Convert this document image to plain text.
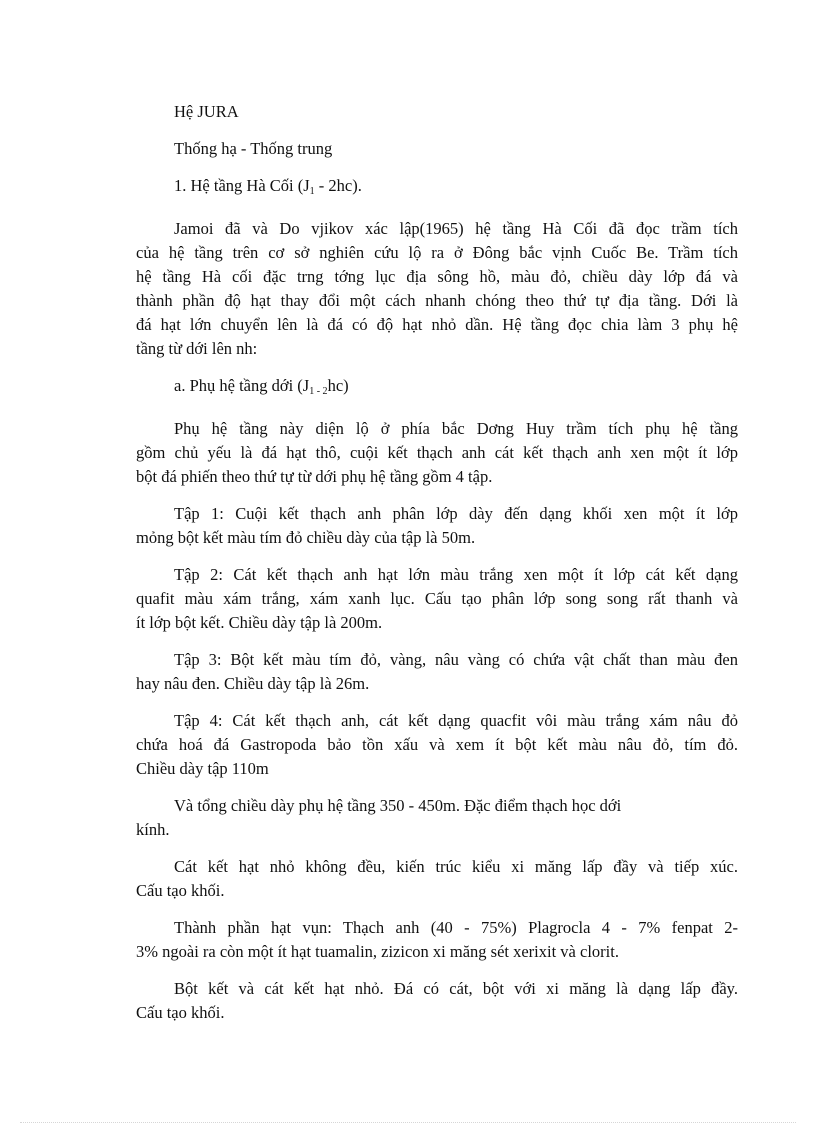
Hệ JURA

Thống hạ - Thống trung

1. Hệ tầng Hà Cối $(J_1 - 2hc)$.

Jamoi đã và Do vjikov xác lập(1965) hệ tầng Hà Cối đã đọc trầm tích

của hệ tầng trên cơ sở nghiên cứu lộ ra ở Đông bắc vịnh Cuốc Be. Trầm tích

hệ tầng Hà cối đặc trng tớng lục địa sông hồ, màu đỏ, chiều dày lớp đá và

thành phần độ hạt thay đổi một cách nhanh chóng theo thứ tự địa tầng. Dới là

đá hạt lớn chuyển lên là đá có độ hạt nhỏ dần. Hệ tầng đọc chia làm 3 phụ hệ

tầng từ dới lên nh:

a. Phụ hệ tầng dới $(J_{1 - 2}hc)$

Phụ hệ tầng này diện lộ ở phía bắc Dơng Huy trầm tích phụ hệ tầng

gồm chủ yếu là đá hạt thô, cuội kết thạch anh cát kết thạch anh xen một ít lớp

bột đá phiến theo thứ tự từ dới phụ hệ tầng gồm 4 tập.

Tập 1: Cuội kết thạch anh phân lớp dày đến dạng khối xen một ít lớp

mỏng bột kết màu tím đỏ chiều dày của tập là 50m.

Tập 2: Cát kết thạch anh hạt lớn màu trắng xen một ít lớp cát kết dạng

quafit màu xám trắng, xám xanh lục. Cấu tạo phân lớp song song rất thanh và

ít lớp bột kết. Chiều dày tập là 200m.

Tập 3: Bột kết màu tím đỏ, vàng, nâu vàng có chứa vật chất than màu đen

hay nâu đen. Chiều dày tập là 26m.

Tập 4: Cát kết thạch anh, cát kết dạng quacfit vôi màu trắng xám nâu đỏ

chứa hoá đá Gastropoda bảo tồn xấu và xem ít bột kết màu nâu đỏ, tím đỏ.

Chiều dày tập 110m

Và tổng chiều dày phụ hệ tầng 350 - 450m. Đặc điểm thạch học dới

kính.

Cát kết hạt nhỏ không đều, kiến trúc kiểu xi măng lấp đầy và tiếp xúc.

Cấu tạo khối.

Thành phần hạt vụn: Thạch anh (40 - 75%) Plagrocla 4 - 7% fenpat 2-

3% ngoài ra còn một ít hạt tuamalin, zizicon xi măng sét xerixit và clorit.

Bột kết và cát kết hạt nhỏ. Đá có cát, bột với xi măng là dạng lấp đầy.

Cấu tạo khối.
